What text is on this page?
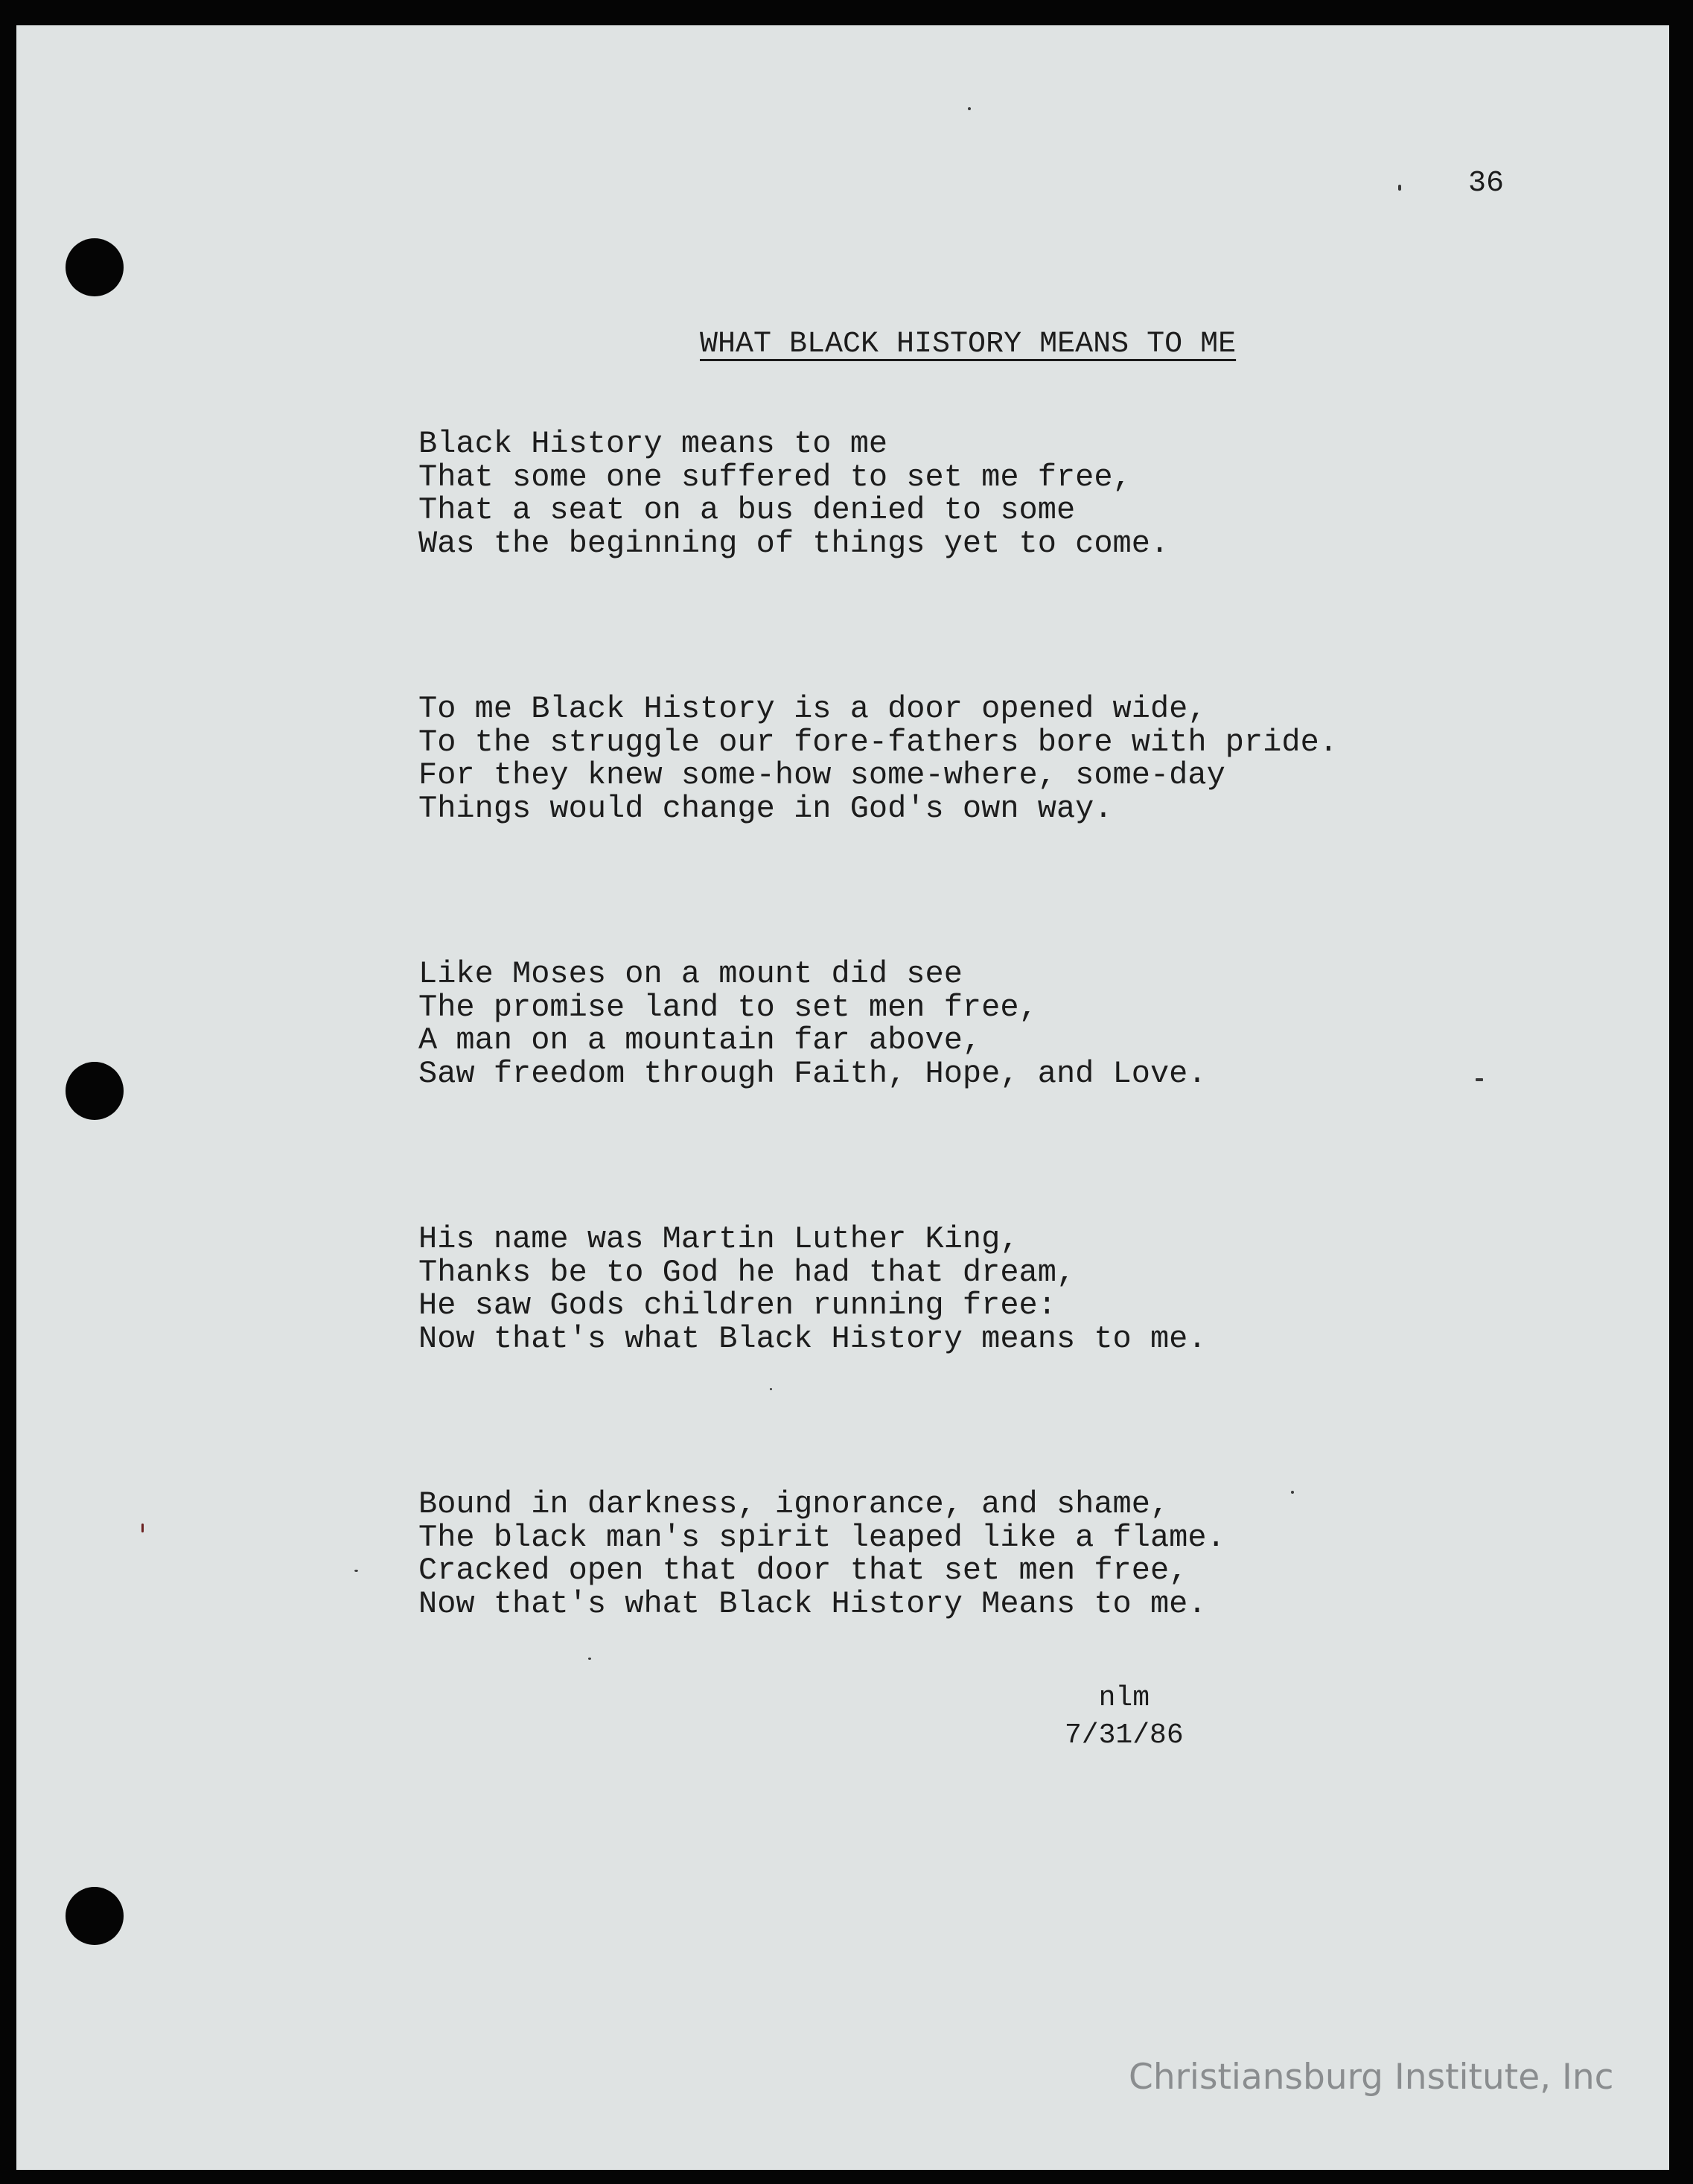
36
WHAT BLACK HISTORY MEANS TO ME
Black History means to me
That some one suffered to set me free,
That a seat on a bus denied to some
Was the beginning of things yet to come.
To me Black History is a door opened wide,
To the struggle our fore-fathers bore with pride.
For they knew some-how some-where, some-day
Things would change in God's own way.
Like Moses on a mount did see
The promise land to set men free,
A man on a mountain far above,
Saw freedom through Faith, Hope, and Love.
His name was Martin Luther King,
Thanks be to God he had that dream,
He saw Gods children running free:
Now that's what Black History means to me.
Bound in darkness, ignorance, and shame,
The black man's spirit leaped like a flame.
Cracked open that door that set men free,
Now that's what Black History Means to me.
nlm
7/31/86
Christiansburg Institute, Inc
